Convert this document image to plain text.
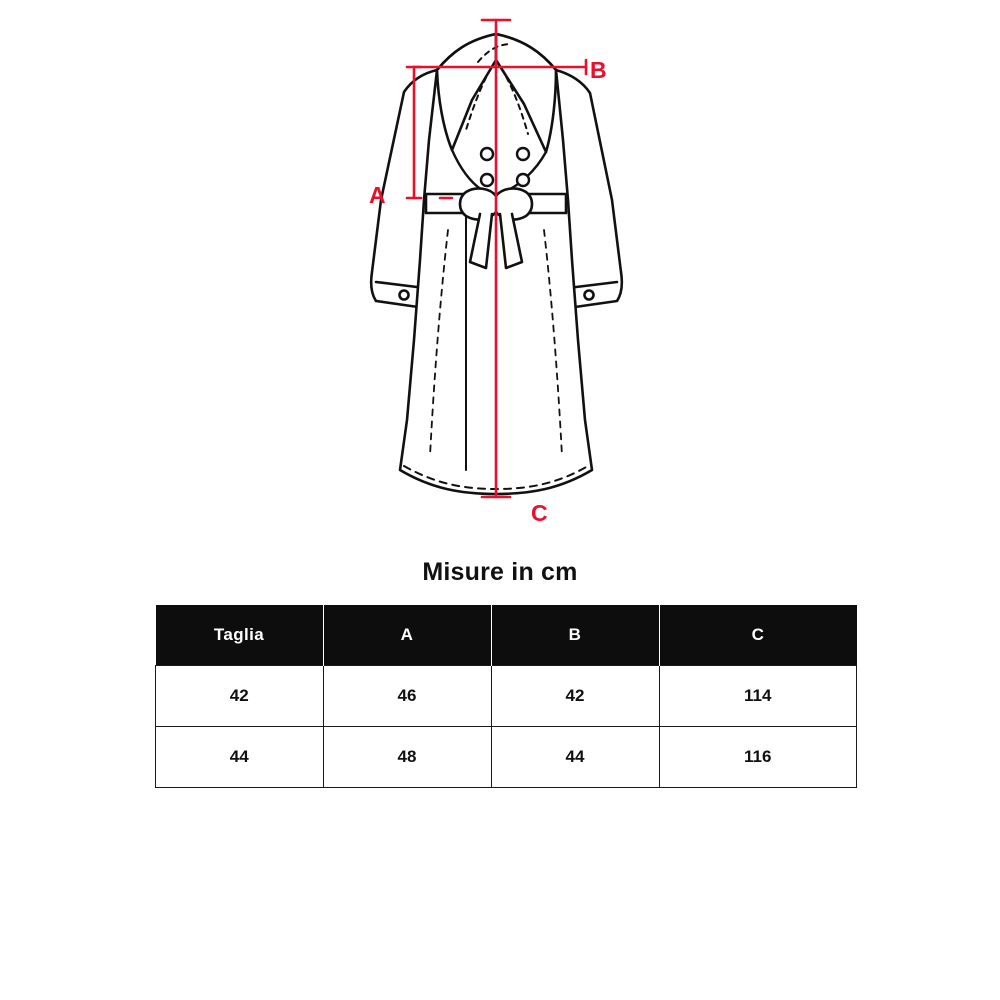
A
B
C
Misure in cm
Taglia	A	B	C
42	46	42	114
44	48	44	116
